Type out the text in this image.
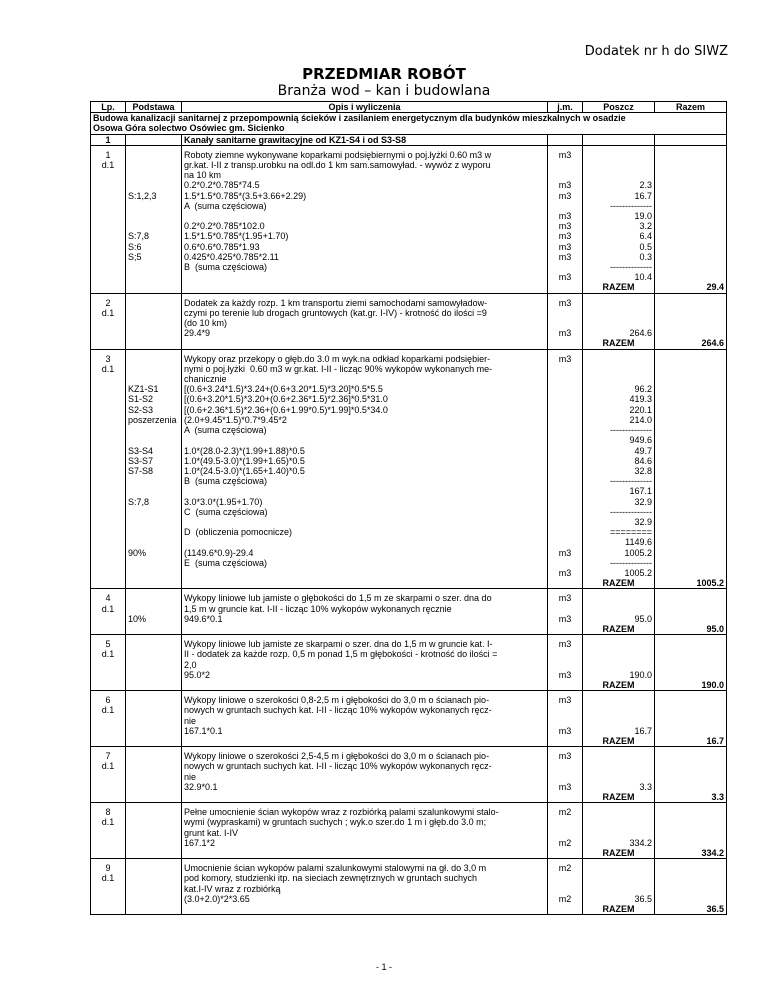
Dodatek nr h do SIWZ
PRZEDMIAR ROBÓT
Branża wod – kan i budowlana
Lp.	Podstawa	Opis i wyliczenia	j.m.	Poszcz	Razem

Budowa kanalizacji sanitarnej z przepompownią ścieków i zasilaniem energetycznym dla budynków mieszkalnych w osadzie
Osowa Góra solectwo Osówiec gm. Sicienko					

1		Kanały sanitarne grawitacyjne od KZ1-S4 i od S3-S8			

1		Roboty ziemne wykonywane koparkami podsiębiernymi o poj.łyżki 0.60 m3 w	m3		
d.1		gr.kat. I-II z transp.urobku na odl.do 1 km sam.samowyład. - wywóz z wyporu			
		na 10 km			
		0.2*0.2*0.785*74.5	m3	2.3	
	S:1,2,3	1.5*1.5*0.785*(3.5+3.66+2.29)	m3	16.7	
		A  (suma częściowa)		--------------	
			m3	19.0	
		0.2*0.2*0.785*102.0	m3	3.2	
	S:7,8	1.5*1.5*0.785*(1.95+1.70)	m3	6.4	
	S:6	0.6*0.6*0.785*1.93	m3	0.5	
	S;5	0.425*0.425*0.785*2.11	m3	0.3	
		B  (suma częściowa)		--------------	
			m3	10.4	
				RAZEM	29.4

2		Dodatek za każdy rozp. 1 km transportu ziemi samochodami samowyładow-	m3		
d.1		czymi po terenie lub drogach gruntowych (kat.gr. I-IV) - krotność do ilości =9			
		(do 10 km)			
		29.4*9	m3	264.6	
				RAZEM	264.6

3		Wykopy oraz przekopy o głęb.do 3.0 m wyk.na odkład koparkami podsiębier-	m3		
d.1		nymi o poj.łyżki  0.60 m3 w gr.kat. I-II - licząc 90% wykopów wykonanych me-			
		chanicznie			
	KZ1-S1	[(0.6+3.24*1.5)*3.24+(0.6+3.20*1.5)*3.20]*0.5*5.5		96.2	
	S1-S2	[(0.6+3.20*1.5)*3.20+(0.6+2.36*1.5)*2.36]*0.5*31.0		419.3	
	S2-S3	[(0.6+2.36*1.5)*2.36+(0.6+1.99*0.5)*1.99]*0.5*34.0		220.1	
	poszerzenia	(2.0+9.45*1.5)*0.7*9.45*2		214.0	
		A  (suma częściowa)		--------------	
				949.6	
	S3-S4	1.0*(28.0-2.3)*(1.99+1.88)*0.5		49.7	
	S3-S7	1.0*(49.5-3.0)*(1.99+1.65)*0.5		84.6	
	S7-S8	1.0*(24.5-3.0)*(1.65+1.40)*0.5		32.8	
		B  (suma częściowa)		--------------	
				167.1	
	S:7,8	3.0*3.0*(1.95+1.70)		32.9	
		C  (suma częściowa)		--------------	
				32.9	
		D  (obliczenia pomocnicze)		========	
				1149.6	
	90%	(1149.6*0.9)-29.4	m3	1005.2	
		E  (suma częściowa)		--------------	
			m3	1005.2	
				RAZEM	1005.2

4		Wykopy liniowe lub jamiste o głębokości do 1,5 m ze skarpami o szer. dna do	m3		
d.1		1,5 m w gruncie kat. I-II - licząc 10% wykopów wykonanych ręcznie			
	10%	949.6*0.1	m3	95.0	
				RAZEM	95.0

5		Wykopy liniowe lub jamiste ze skarpami o szer. dna do 1,5 m w gruncie kat. I-	m3		
d.1		II - dodatek za każde rozp. 0,5 m ponad 1,5 m głębokości - krotność do ilości =			
		2,0			
		95.0*2	m3	190.0	
				RAZEM	190.0

6		Wykopy liniowe o szerokości 0,8-2,5 m i głębokości do 3,0 m o ścianach pio-	m3		
d.1		nowych w gruntach suchych kat. I-II - licząc 10% wykopów wykonanych ręcz-			
		nie			
		167.1*0.1	m3	16.7	
				RAZEM	16.7

7		Wykopy liniowe o szerokości 2,5-4,5 m i głębokości do 3,0 m o ścianach pio-	m3		
d.1		nowych w gruntach suchych kat. I-II - licząc 10% wykopów wykonanych ręcz-			
		nie			
		32.9*0.1	m3	3.3	
				RAZEM	3.3

8		Pełne umocnienie ścian wykopów wraz z rozbiórką palami szalunkowymi stalo-	m2		
d.1		wymi (wypraskami) w gruntach suchych ; wyk.o szer.do 1 m i głęb.do 3.0 m;			
		grunt kat. I-IV			
		167.1*2	m2	334.2	
				RAZEM	334.2

9		Umocnienie ścian wykopów palami szalunkowymi stalowymi na gł. do 3,0 m	m2		
d.1		pod komory, studzienki itp. na sieciach zewnętrznych w gruntach suchych			
		kat.I-IV wraz z rozbiórką			
		(3.0+2.0)*2*3.65	m2	36.5	
				RAZEM	36.5
- 1 -
